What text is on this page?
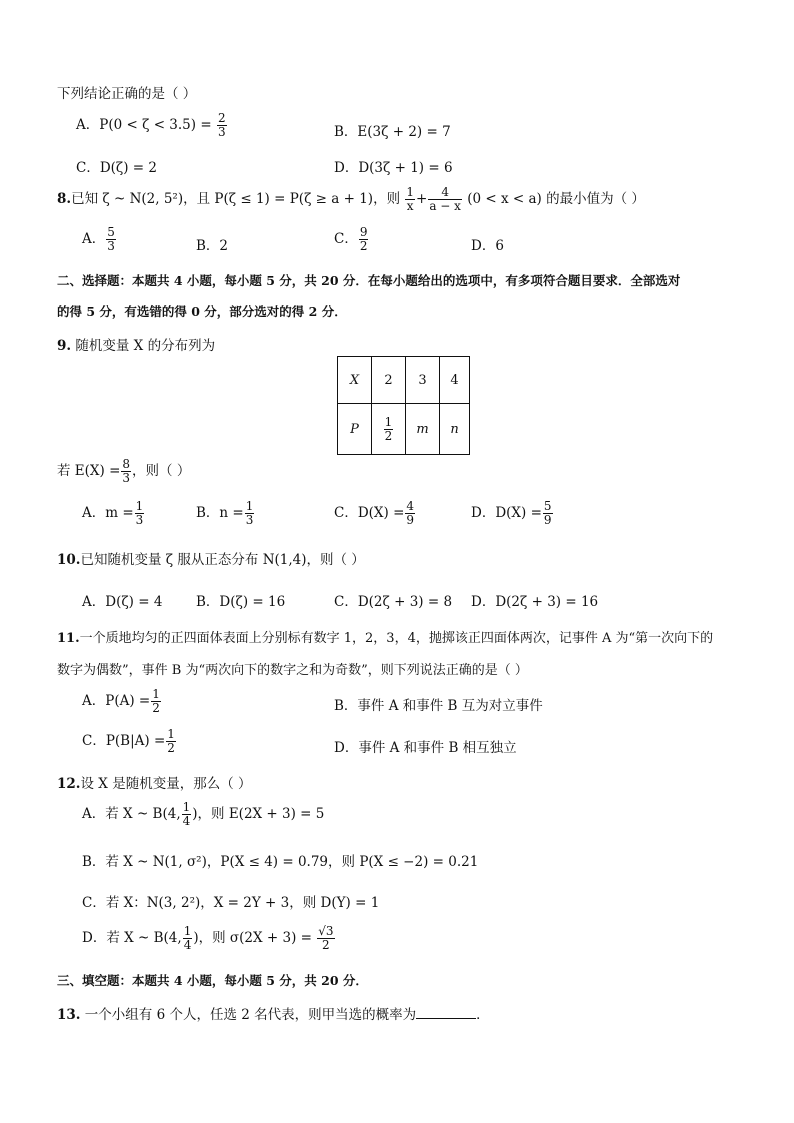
下列结论正确的是（ ）
A．$P(0 < \zeta < 3.5) = \frac{2}{3}$	B．E(3ζ + 2) = 7
C．D(ζ) = 2	D．D(3ζ + 1) = 6
8.已知 ζ ~ N(2, 5²)，且 P(ζ ≤ 1) = P(ζ ≥ a + 1)，则 $\frac{1}{x} + \frac{4}{a - x} (0 < x < a)$ 的最小值为（ ）
A． $\frac{5}{3}$	B．2	C． $\frac{9}{2}$	D．6
二、选择题：本题共 4 小题，每小题 5 分，共 20 分．在每小题给出的选项中，有多项符合题目要求．全部选对
的得 5 分，有选错的得 0 分，部分选对的得 2 分．
9. 随机变量 X 的分布列为
X	2	3	4
P	$\frac{1}{2}$	m	n
若 $E(X) = \frac{8}{3}$ ，则（ ）
A．$m = \frac{1}{3}$	B．$n = \frac{1}{3}$	C．$D(X) = \frac{4}{9}$	D．$D(X) = \frac{5}{9}$
10.已知随机变量 ζ 服从正态分布 N(1,4)，则（ ）
A．D(ζ) = 4 B．D(ζ) = 16	C．D(2ζ + 3) = 8 D．D(2ζ + 3) = 16
11.一个质地均匀的正四面体表面上分别标有数字 1，2，3，4，抛掷该正四面体两次，记事件 A 为“第一次向下的
数字为偶数”，事件 B 为“两次向下的数字之和为奇数”，则下列说法正确的是（ ）
A．$P(A) = \frac{1}{2}$	B．事件 A 和事件 B 互为对立事件
C．$P(B|A) = \frac{1}{2}$	D．事件 A 和事件 B 相互独立
12.设 X 是随机变量，那么（ ）
A．若 X ~ B(4, $\frac{1}{4}$ )，则 E(2X + 3) = 5
B．若 X ~ N(1, σ²)，P(X ≤ 4) = 0.79，则 P(X ≤ −2) = 0.21
C．若 X：N(3, 2²)，X = 2Y + 3，则 D(Y) = 1
D．若 X ~ B(4, $\frac{1}{4}$ )，则 $\sigma(2X + 3) = \frac{√3}{2}$
三、填空题：本题共 4 小题，每小题 5 分，共 20 分．
13. 一个小组有 6 个人，任选 2 名代表，则甲当选的概率为	．
